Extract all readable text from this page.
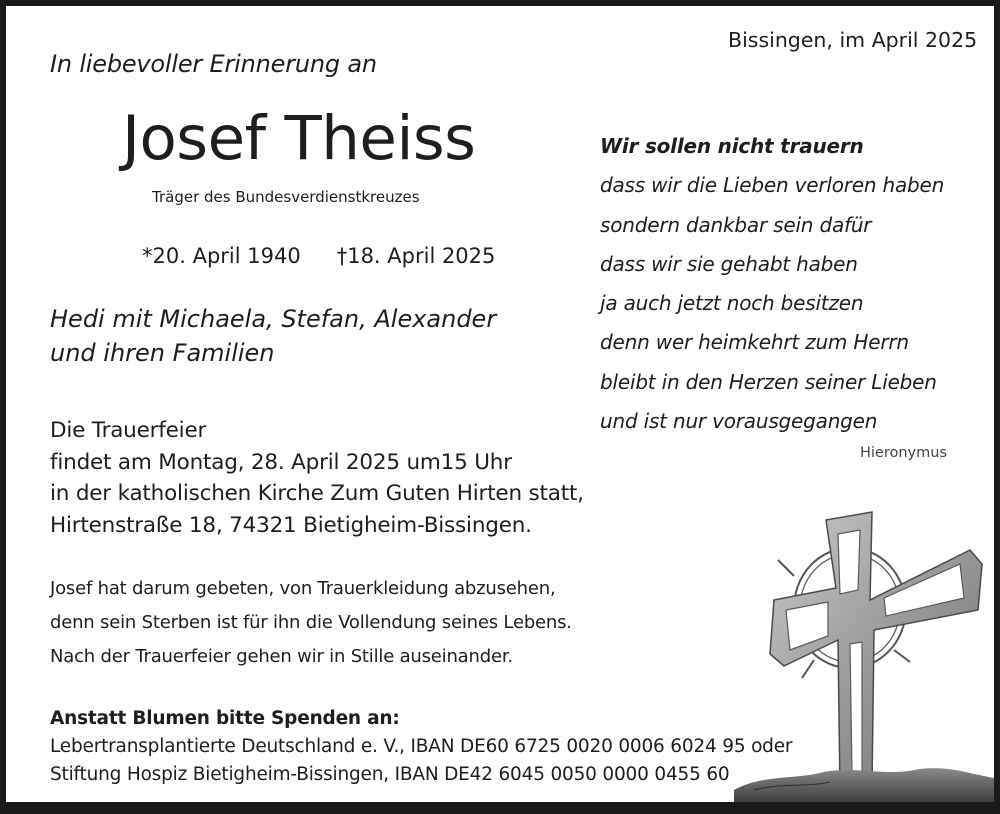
In liebevoller Erinnerung an
Bissingen, im April 2025
Josef Theiss
Träger des Bundesverdienstkreuzes
*20. April 1940 †18. April 2025
Hedi mit Michaela, Stefan, Alexander
und ihren Familien
Die Trauerfeier
findet am Montag, 28. April 2025 um15 Uhr
in der katholischen Kirche Zum Guten Hirten statt,
Hirtenstraße 18, 74321 Bietigheim-Bissingen.
Josef hat darum gebeten, von Trauerkleidung abzusehen,
denn sein Sterben ist für ihn die Vollendung seines Lebens.
Nach der Trauerfeier gehen wir in Stille auseinander.
Anstatt Blumen bitte Spenden an:
Lebertransplantierte Deutschland e. V., IBAN DE60 6725 0020 0006 6024 95 oder
Stiftung Hospiz Bietigheim-Bissingen, IBAN DE42 6045 0050 0000 0455 60
Wir sollen nicht trauern
dass wir die Lieben verloren haben
sondern dankbar sein dafür
dass wir sie gehabt haben
ja auch jetzt noch besitzen
denn wer heimkehrt zum Herrn
bleibt in den Herzen seiner Lieben
und ist nur vorausgegangen
Hieronymus
